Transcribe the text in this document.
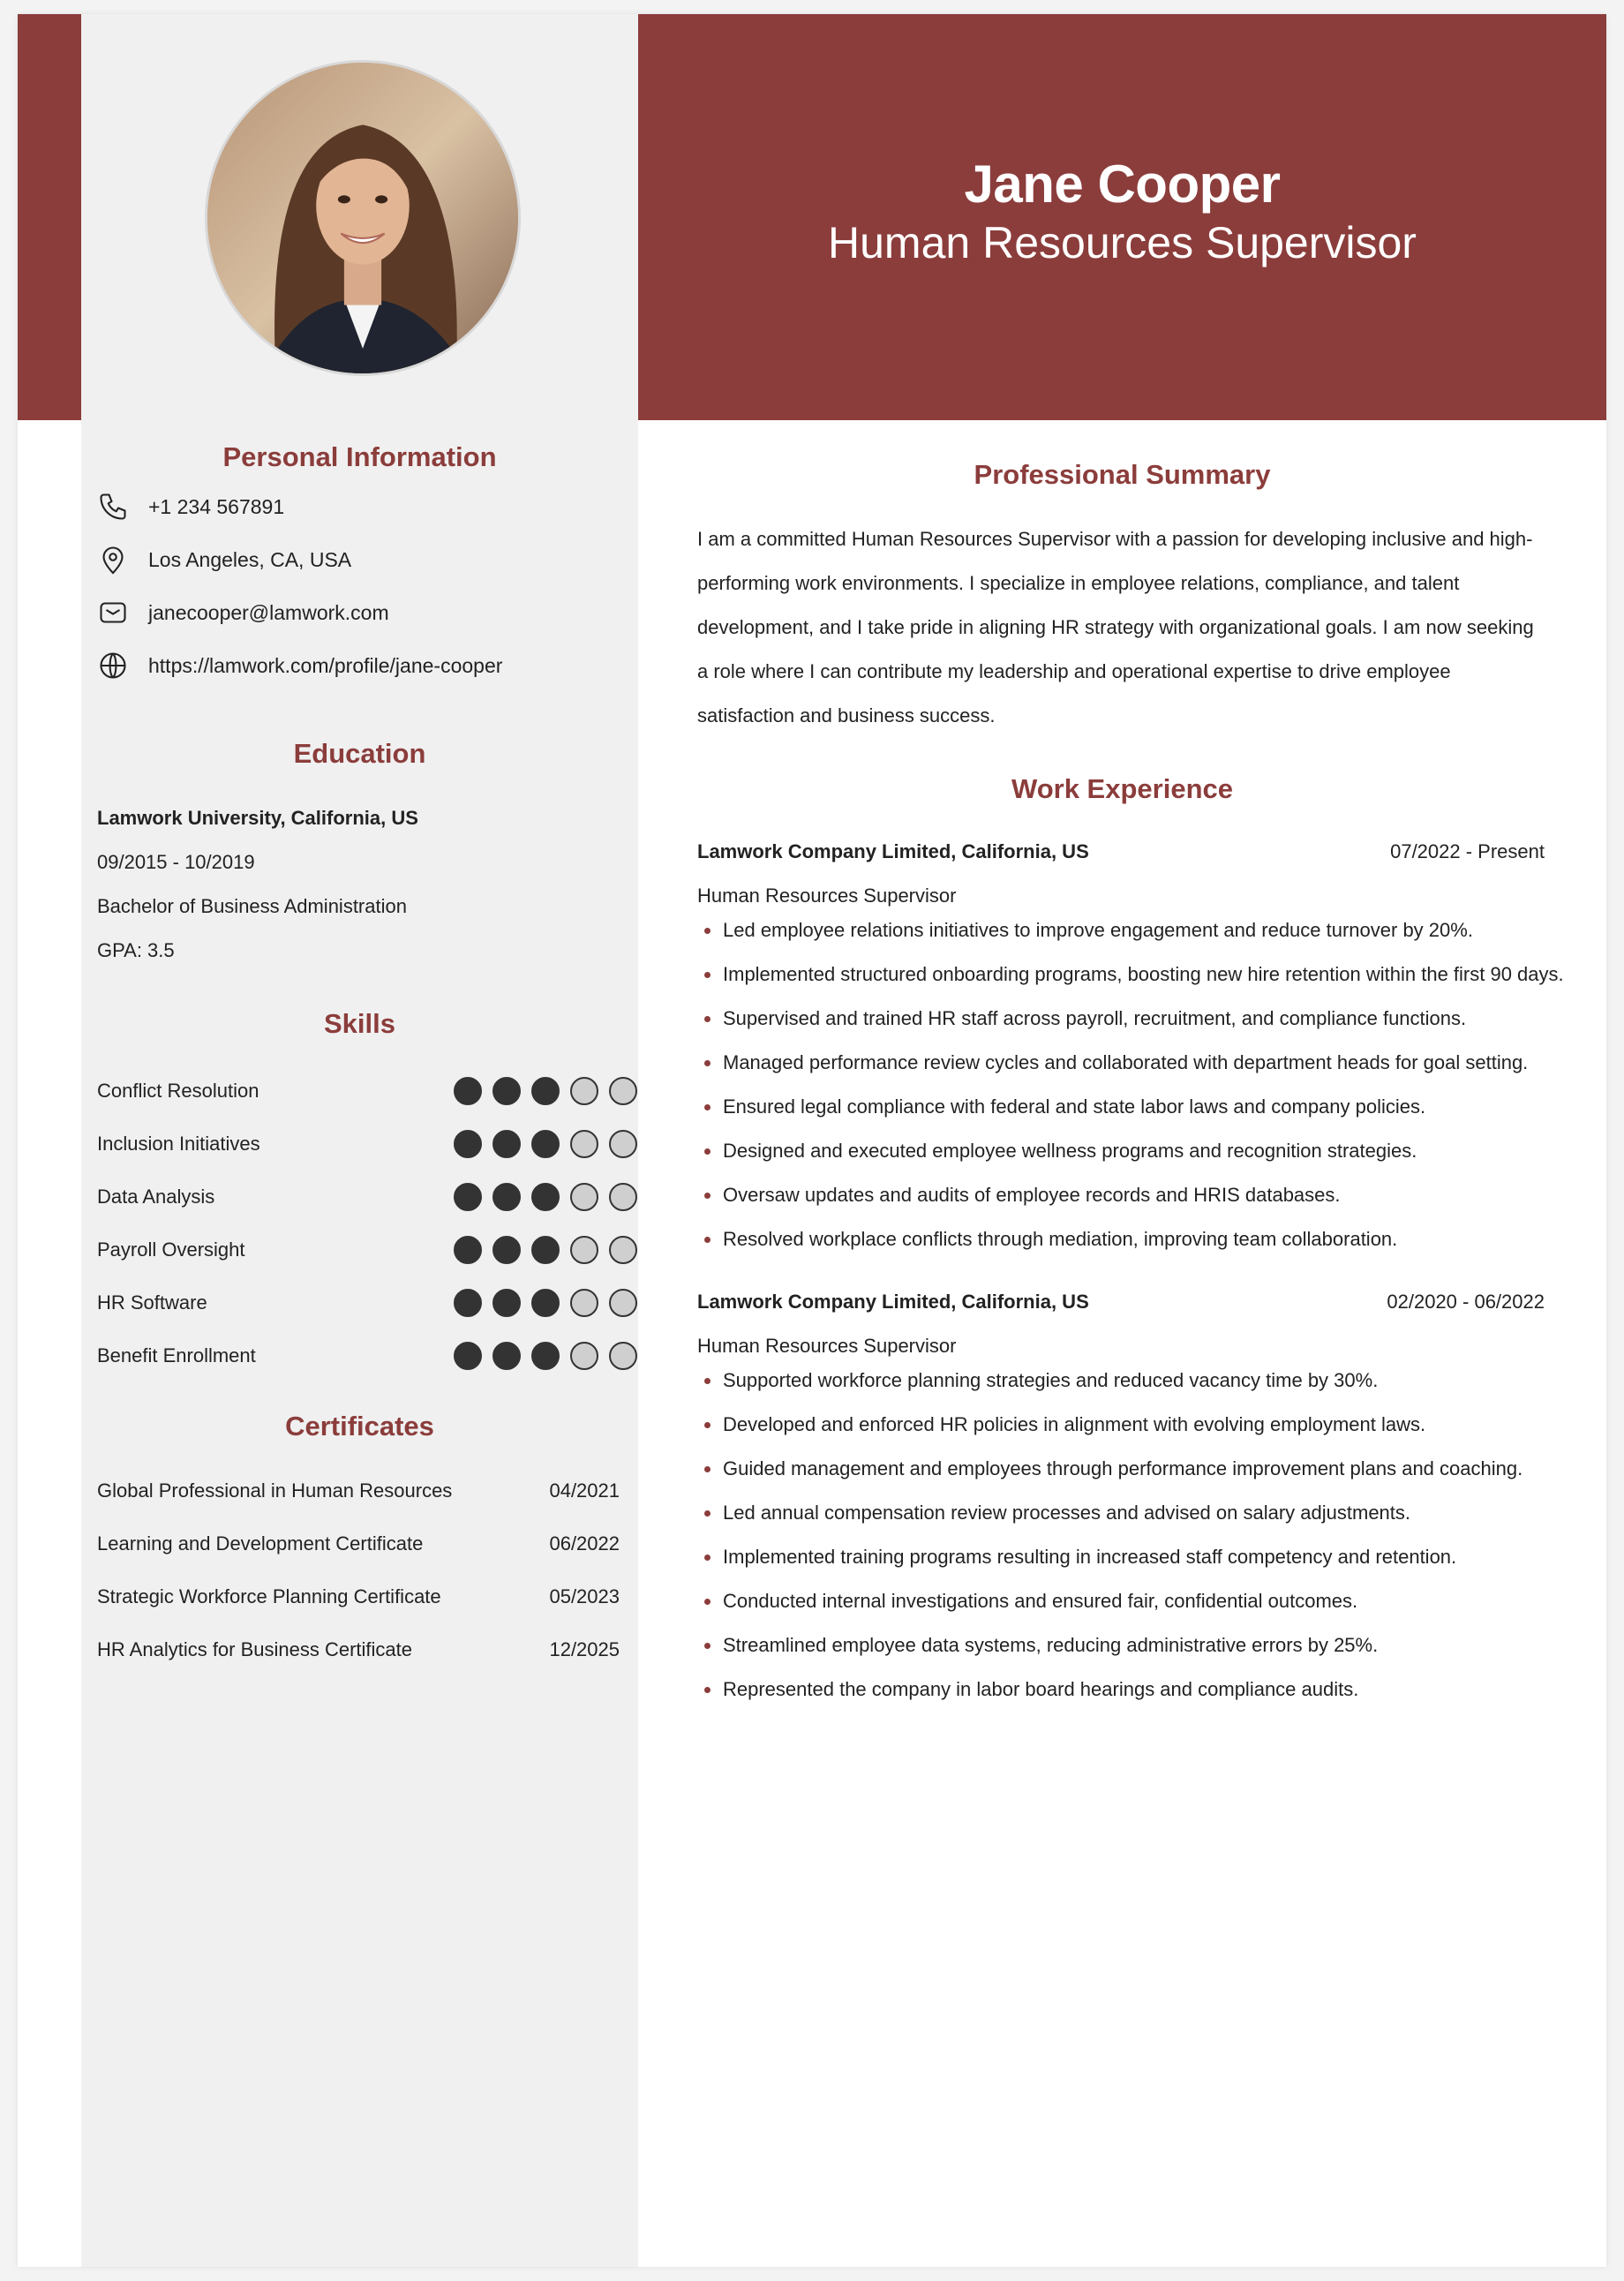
Jane Cooper
Human Resources Supervisor
Personal Information
+1 234 567891
Los Angeles, CA, USA
janecooper@lamwork.com
https://lamwork.com/profile/jane-cooper
Education
Lamwork University, California, US
09/2015 - 10/2019
Bachelor of Business Administration
GPA: 3.5
Skills
Conflict Resolution
Inclusion Initiatives
Data Analysis
Payroll Oversight
HR Software
Benefit Enrollment
Certificates
Global Professional in Human Resources	04/2021
Learning and Development Certificate	06/2022
Strategic Workforce Planning Certificate	05/2023
HR Analytics for Business Certificate	12/2025
Professional Summary
I am a committed Human Resources Supervisor with a passion for developing inclusive and high-performing work environments. I specialize in employee relations, compliance, and talent development, and I take pride in aligning HR strategy with organizational goals. I am now seeking a role where I can contribute my leadership and operational expertise to drive employee satisfaction and business success.
Work Experience
Lamwork Company Limited, California, US	07/2022 - Present
Human Resources Supervisor
Led employee relations initiatives to improve engagement and reduce turnover by 20%.
Implemented structured onboarding programs, boosting new hire retention within the first 90 days.
Supervised and trained HR staff across payroll, recruitment, and compliance functions.
Managed performance review cycles and collaborated with department heads for goal setting.
Ensured legal compliance with federal and state labor laws and company policies.
Designed and executed employee wellness programs and recognition strategies.
Oversaw updates and audits of employee records and HRIS databases.
Resolved workplace conflicts through mediation, improving team collaboration.
Lamwork Company Limited, California, US	02/2020 - 06/2022
Human Resources Supervisor
Supported workforce planning strategies and reduced vacancy time by 30%.
Developed and enforced HR policies in alignment with evolving employment laws.
Guided management and employees through performance improvement plans and coaching.
Led annual compensation review processes and advised on salary adjustments.
Implemented training programs resulting in increased staff competency and retention.
Conducted internal investigations and ensured fair, confidential outcomes.
Streamlined employee data systems, reducing administrative errors by 25%.
Represented the company in labor board hearings and compliance audits.
